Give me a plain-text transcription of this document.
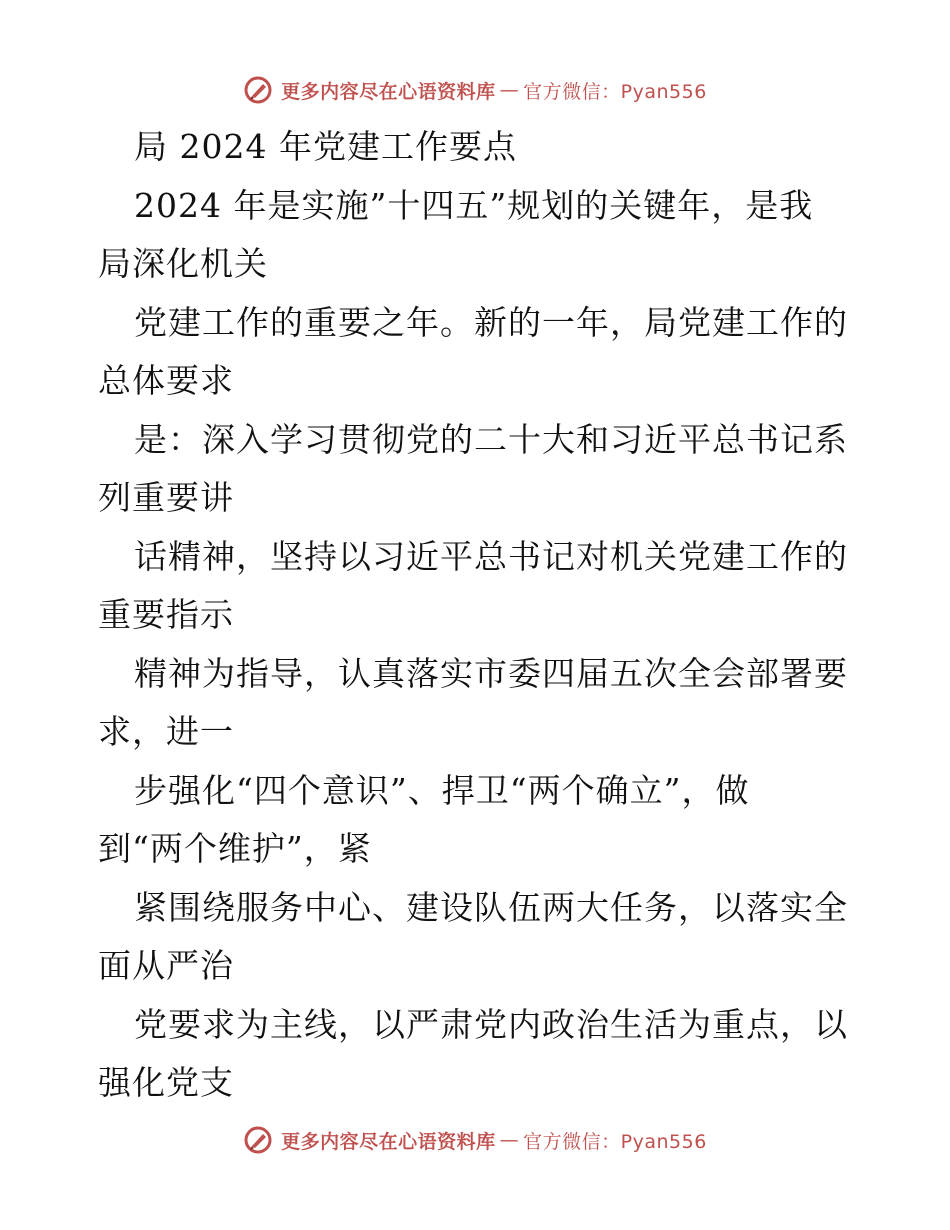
更多内容尽在心语资料库 — 官方微信：Pyan556
局 2024 年党建工作要点
2024 年是实施”十四五”规划的关键年，是我
局深化机关
党建工作的重要之年。新的一年，局党建工作的
总体要求
是：深入学习贯彻党的二十大和习近平总书记系
列重要讲
话精神，坚持以习近平总书记对机关党建工作的
重要指示
精神为指导，认真落实市委四届五次全会部署要
求，进一
步强化“四个意识”、捍卫“两个确立”，做
到“两个维护”，紧
紧围绕服务中心、建设队伍两大任务，以落实全
面从严治
党要求为主线，以严肃党内政治生活为重点，以
强化党支
更多内容尽在心语资料库 — 官方微信：Pyan556
